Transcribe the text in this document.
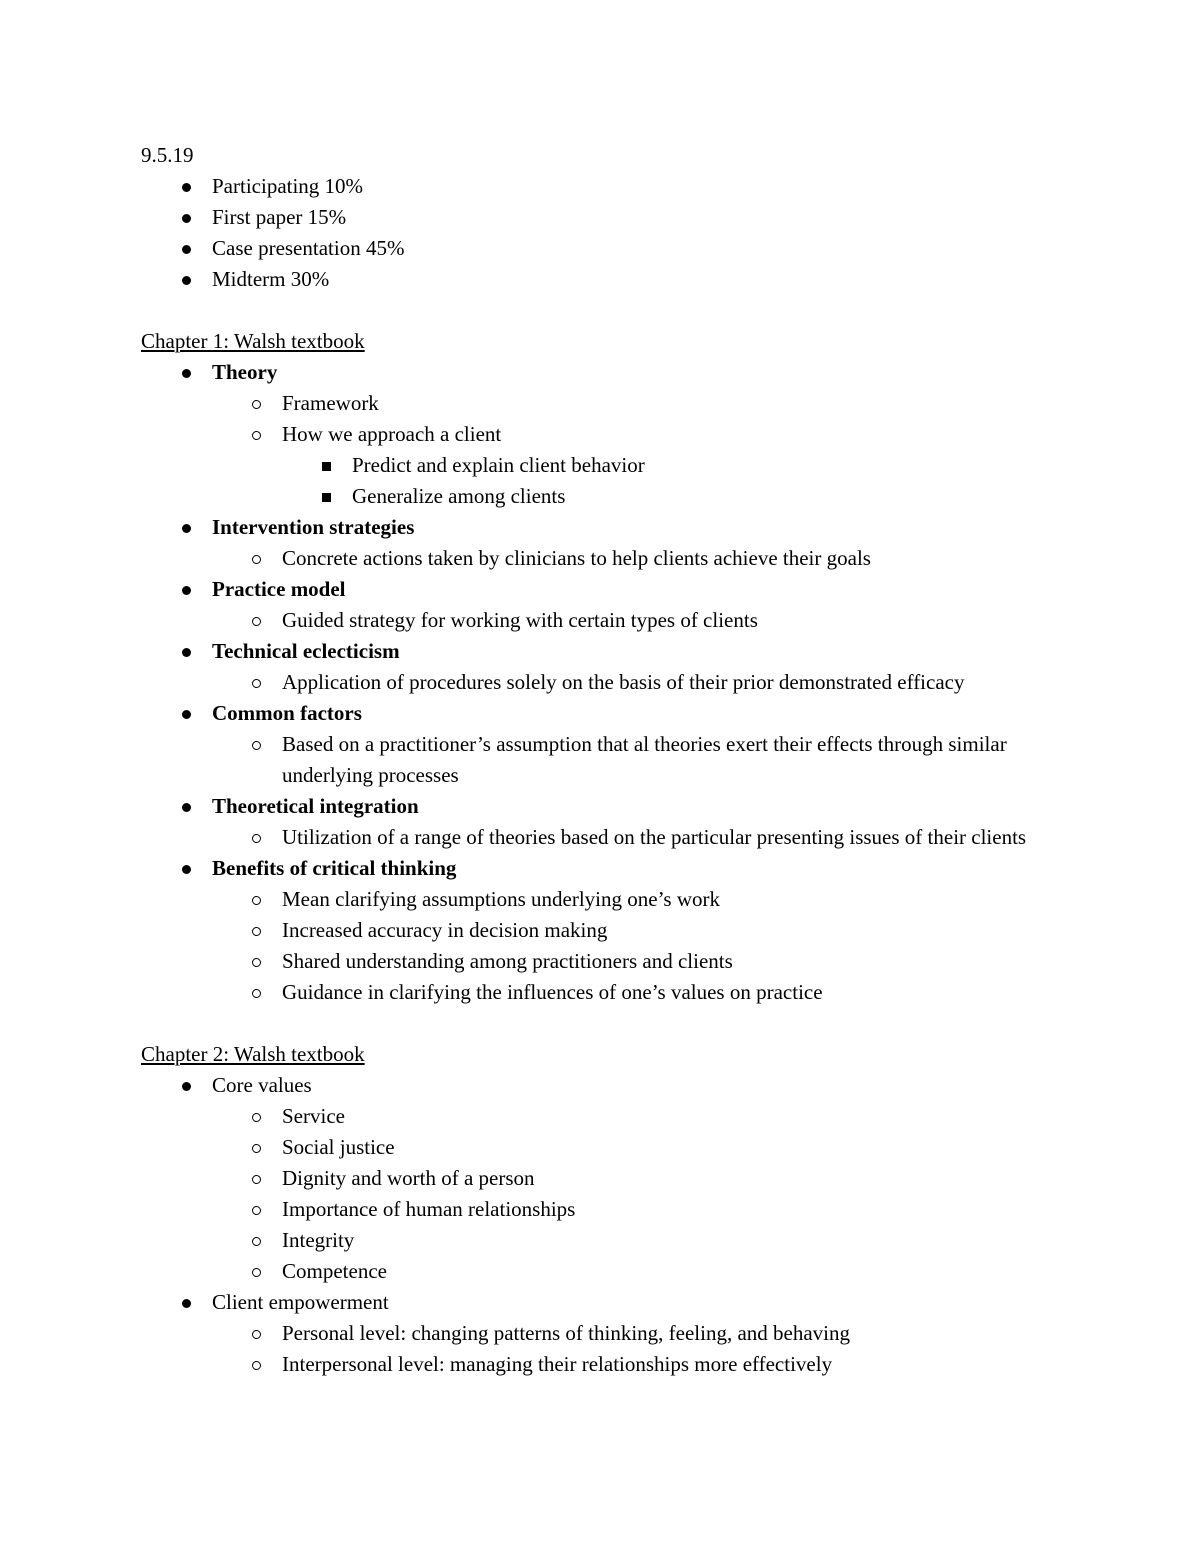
9.5.19

Participating 10%
First paper 15%
Case presentation 45%
Midterm 30%

Chapter 1: Walsh textbook

Theory
Framework
How we approach a client
Predict and explain client behavior
Generalize among clients
Intervention strategies
Concrete actions taken by clinicians to help clients achieve their goals
Practice model
Guided strategy for working with certain types of clients
Technical eclecticism
Application of procedures solely on the basis of their prior demonstrated efficacy
Common factors
Based on a practitioner’s assumption that al theories exert their effects through similar underlying processes
Theoretical integration
Utilization of a range of theories based on the particular presenting issues of their clients
Benefits of critical thinking
Mean clarifying assumptions underlying one’s work
Increased accuracy in decision making
Shared understanding among practitioners and clients
Guidance in clarifying the influences of one’s values on practice

Chapter 2: Walsh textbook

Core values
Service
Social justice
Dignity and worth of a person
Importance of human relationships
Integrity
Competence
Client empowerment
Personal level: changing patterns of thinking, feeling, and behaving
Interpersonal level: managing their relationships more effectively
